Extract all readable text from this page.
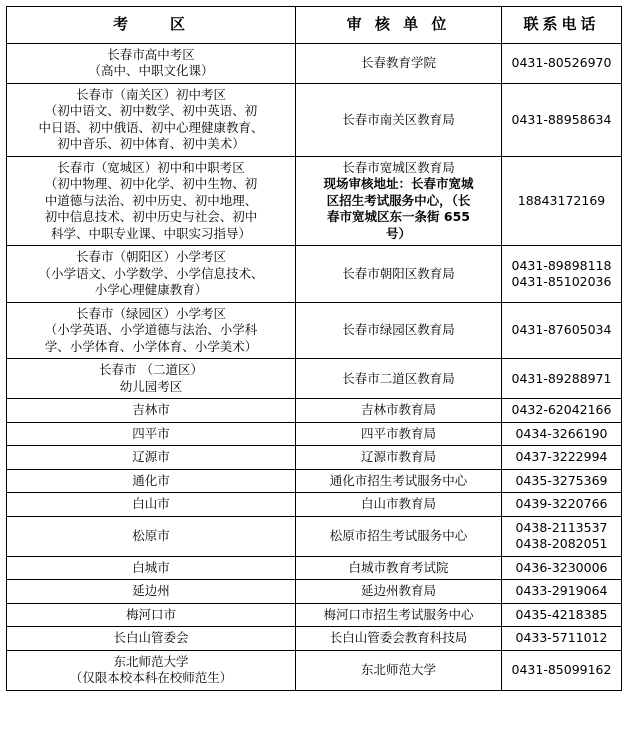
考　　区	审 核 单 位	联系电话

长春市高中考区
（高中、中职文化课）	长春教育学院	0431-80526970

长春市（南关区）初中考区
（初中语文、初中数学、初中英语、初
中日语、初中俄语、初中心理健康教育、
初中音乐、初中体育、初中美术）	长春市南关区教育局	0431-88958634

长春市（宽城区）初中和中职考区
（初中物理、初中化学、初中生物、初
中道德与法治、初中历史、初中地理、
初中信息技术、初中历史与社会、初中
科学、中职专业课、中职实习指导）	长春市宽城区教育局
现场审核地址：长春市宽城
区招生考试服务中心，（长
春市宽城区东一条街 655
号）	18843172169

长春市（朝阳区）小学考区
（小学语文、小学数学、小学信息技术、
小学心理健康教育）	长春市朝阳区教育局	0431-89898118
0431-85102036

长春市（绿园区）小学考区
（小学英语、小学道德与法治、小学科
学、小学体育、小学体育、小学美术）	长春市绿园区教育局	0431-87605034

长春市 （二道区）
幼儿园考区	长春市二道区教育局	0431-89288971

吉林市	吉林市教育局	0432-62042166

四平市	四平市教育局	0434-3266190

辽源市	辽源市教育局	0437-3222994

通化市	通化市招生考试服务中心	0435-3275369

白山市	白山市教育局	0439-3220766

松原市	松原市招生考试服务中心	0438-2113537
0438-2082051

白城市	白城市教育考试院	0436-3230006

延边州	延边州教育局	0433-2919064

梅河口市	梅河口市招生考试服务中心	0435-4218385

长白山管委会	长白山管委会教育科技局	0433-5711012

东北师范大学
（仅限本校本科在校师范生）	东北师范大学	0431-85099162
